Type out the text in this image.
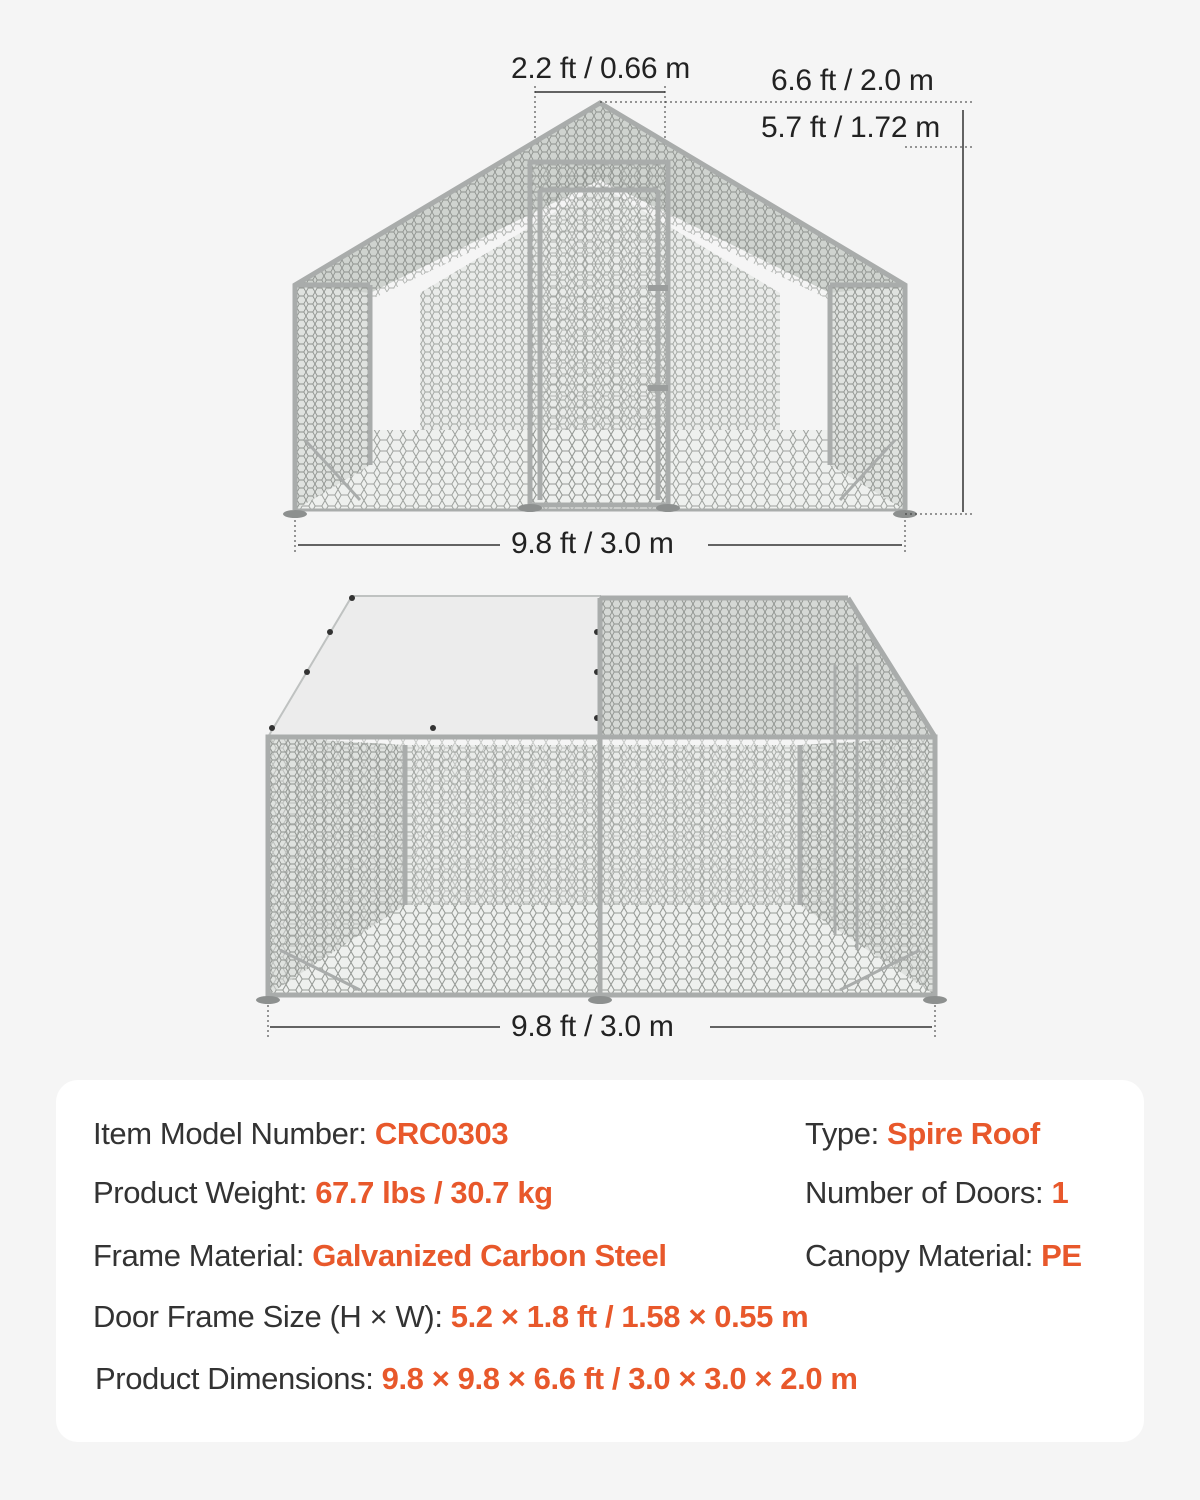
2.2 ft / 0.66 m	6.6 ft / 2.0 m
5.7 ft / 1.72 m
9.8 ft / 3.0 m
9.8 ft / 3.0 m
Item Model Number: CRC0303	Type: Spire Roof
Product Weight: 67.7 lbs / 30.7 kg	Number of Doors: 1
Frame Material: Galvanized Carbon Steel	Canopy Material: PE
Door Frame Size (H × W): 5.2 × 1.8 ft / 1.58 × 0.55 m
Product Dimensions: 9.8 × 9.8 × 6.6 ft / 3.0 × 3.0 × 2.0 m
